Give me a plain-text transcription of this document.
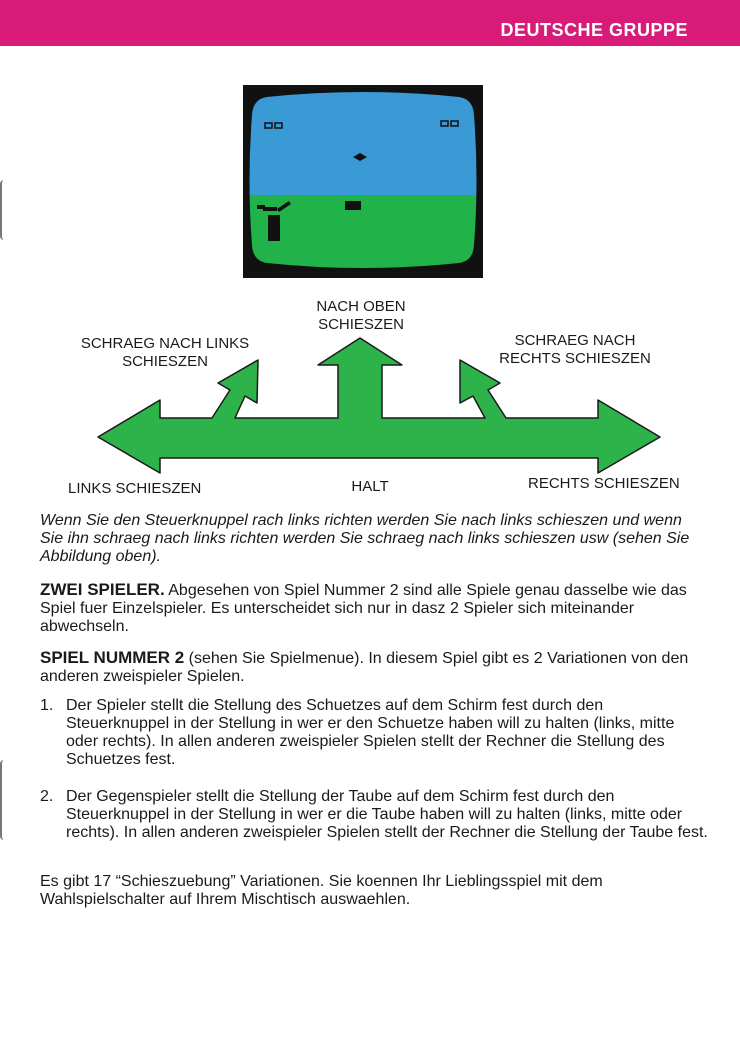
DEUTSCHE GRUPPE
NACH OBEN
SCHIESZEN
SCHRAEG NACH LINKS
SCHIESZEN
SCHRAEG NACH
RECHTS SCHIESZEN
LINKS SCHIESZEN	HALT	RECHTS SCHIESZEN
Wenn Sie den Steuerknuppel rach links richten werden Sie nach links schieszen und wenn Sie ihn schraeg nach links richten werden Sie schraeg nach links schieszen usw (sehen Sie Abbildung oben).
ZWEI SPIELER. Abgesehen von Spiel Nummer 2 sind alle Spiele genau dasselbe wie das Spiel fuer Einzelspieler. Es unterscheidet sich nur in dasz 2 Spieler sich miteinander abwechseln.
SPIEL NUMMER 2 (sehen Sie Spielmenue). In diesem Spiel gibt es 2 Variationen von den anderen zweispieler Spielen.
1. Der Spieler stellt die Stellung des Schuetzes auf dem Schirm fest durch den Steuerknuppel in der Stellung in wer er den Schuetze haben will zu halten (links, mitte oder rechts). In allen anderen zweispieler Spielen stellt der Rechner die Stellung des Schuetzes fest.
2. Der Gegenspieler stellt die Stellung der Taube auf dem Schirm fest durch den Steuerknuppel in der Stellung in wer er die Taube haben will zu halten (links, mitte oder rechts). In allen anderen zweispieler Spielen stellt der Rechner die Stellung der Taube fest.
Es gibt 17 “Schieszuebung” Variationen. Sie koennen Ihr Lieblingsspiel mit dem Wahlspielschalter auf Ihrem Mischtisch auswaehlen.
